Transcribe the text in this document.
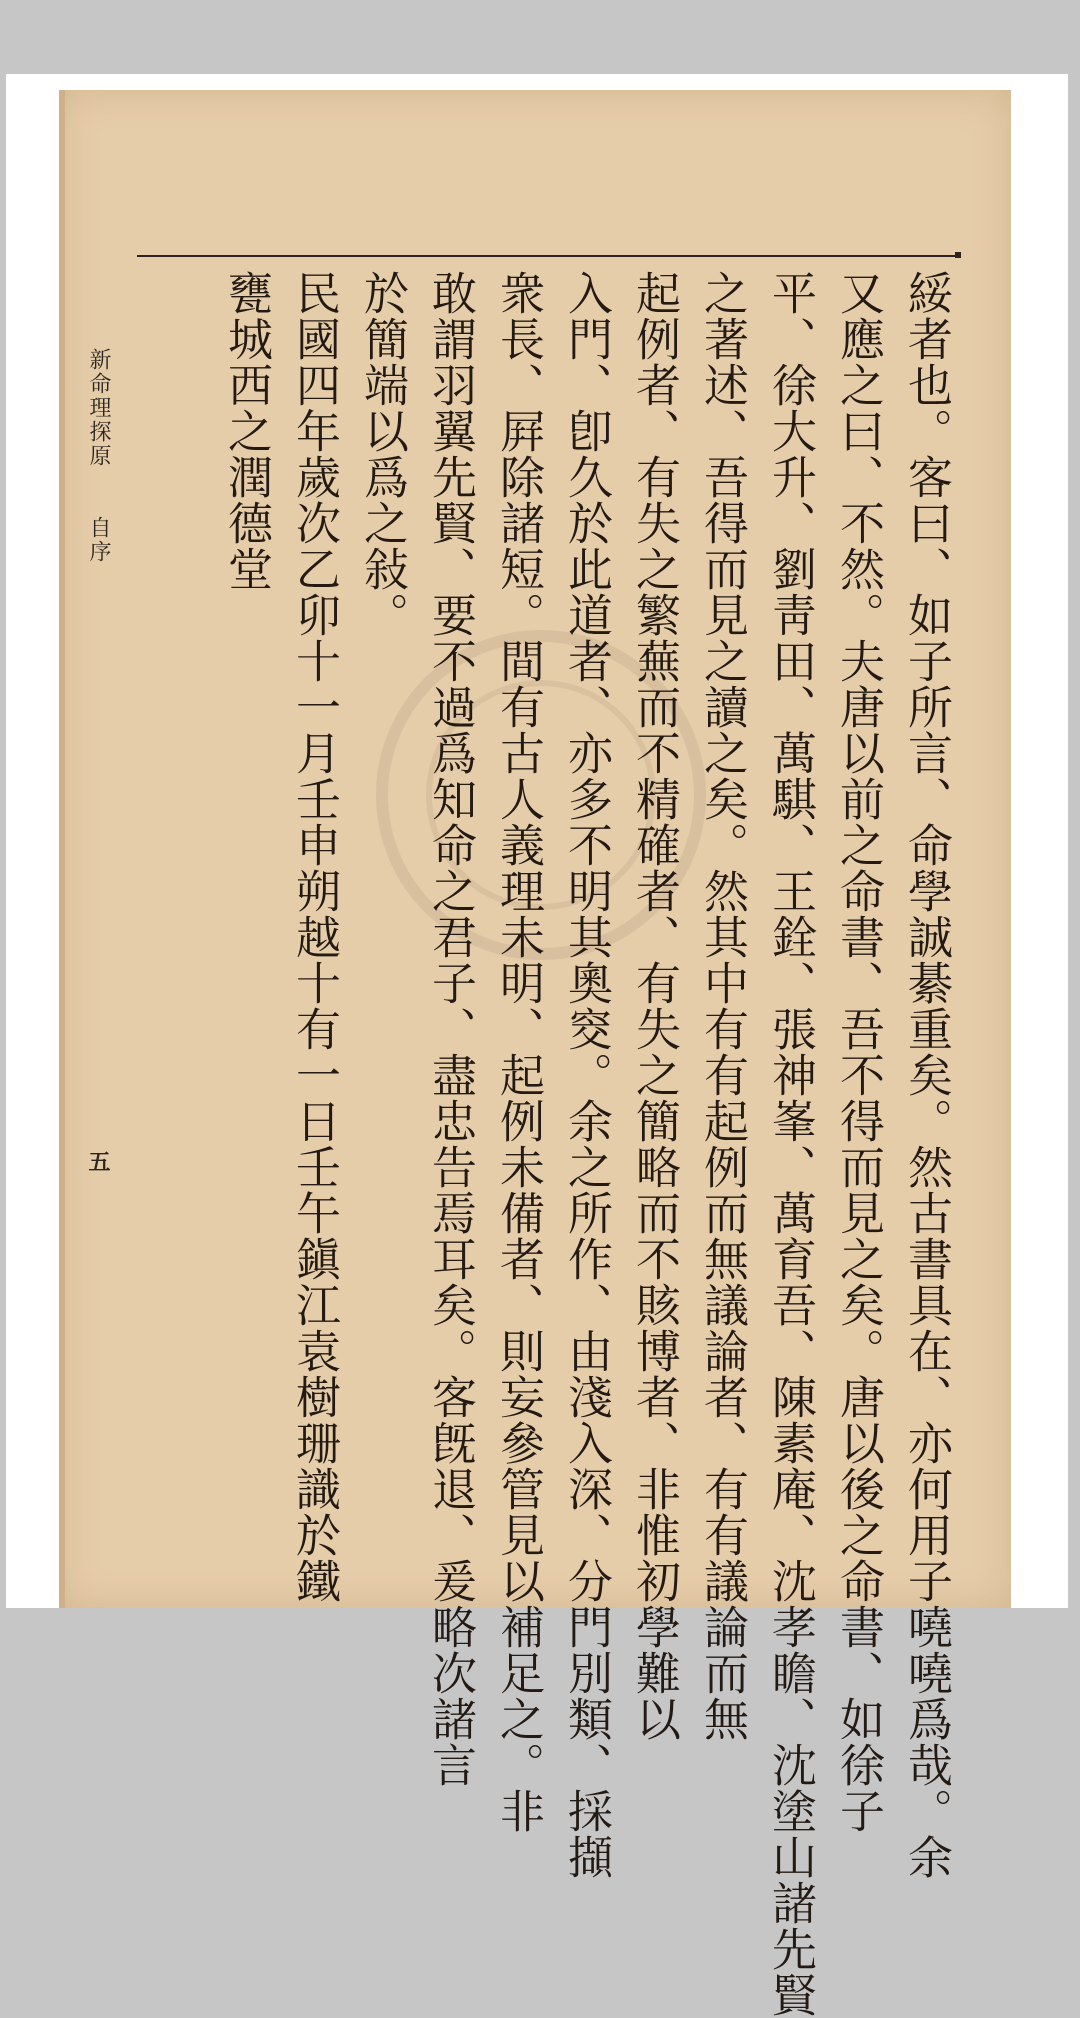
綏者也。客曰、如子所言、命學誠綦重矣。然古書具在、亦何用子嘵嘵爲哉。余
又應之曰、不然。夫唐以前之命書、吾不得而見之矣。唐以後之命書、如徐子
平、徐大升、劉靑田、萬騏、王銓、張神峯、萬育吾、陳素庵、沈孝瞻、沈塗山諸先賢
之著述、吾得而見之讀之矣。然其中有有起例而無議論者、有有議論而無
起例者、有失之繁蕪而不精確者、有失之簡略而不賅博者、非惟初學難以
入門、卽久於此道者、亦多不明其奧窔。余之所作、由淺入深、分門別類、採擷
衆長、屛除諸短。間有古人義理未明、起例未備者、則妄參管見以補足之。非
敢謂羽翼先賢、要不過爲知命之君子、盡忠告焉耳矣。客旣退、爰略次諸言
於簡端以爲之敍。
民國四年歲次乙卯十一月壬申朔越十有一日壬午鎭江袁樹珊識於鐵
甕城西之潤德堂
新命理探原　　自序
五
